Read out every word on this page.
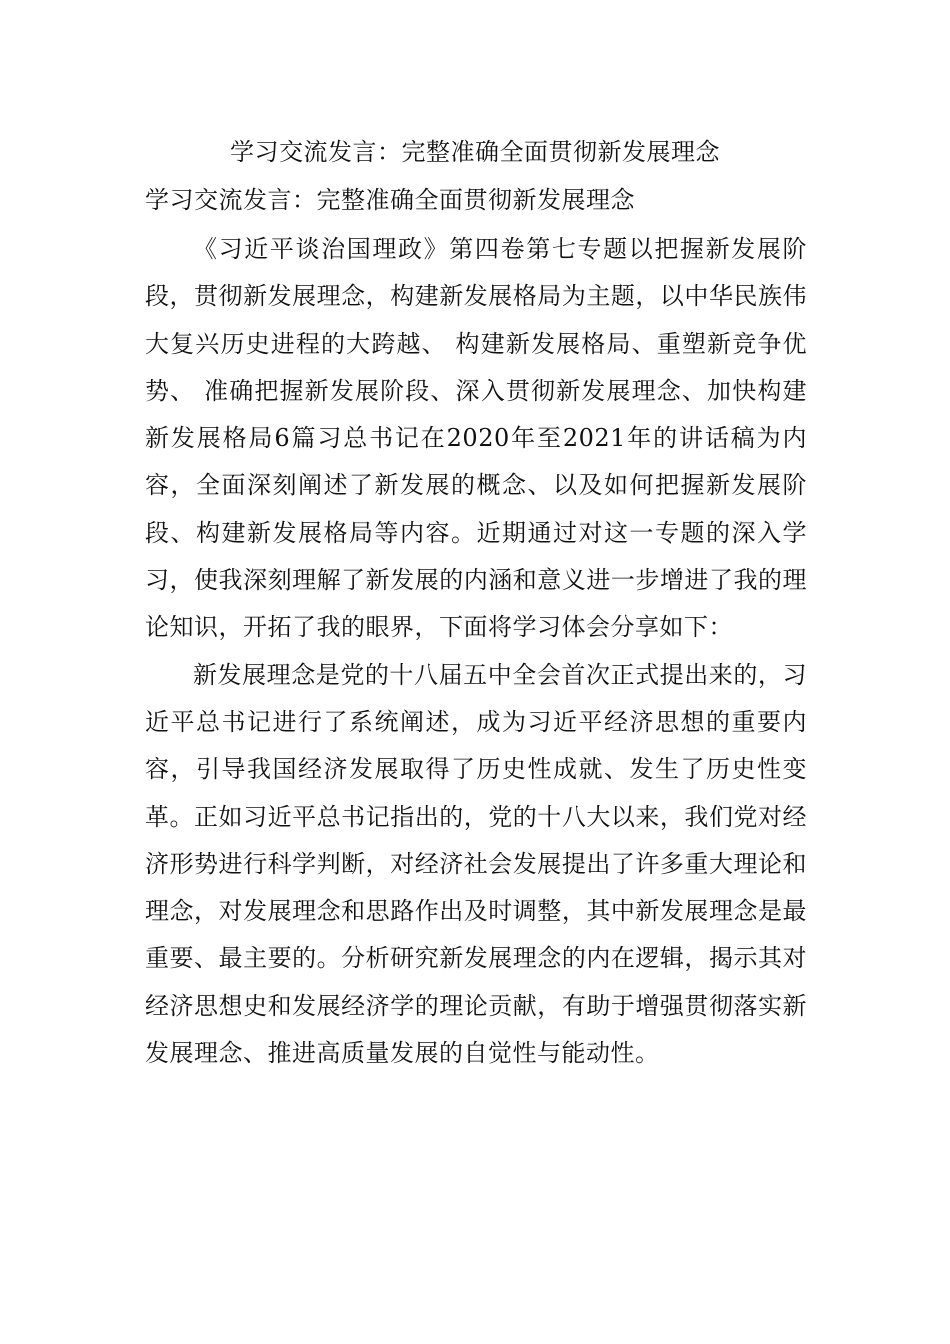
学习交流发言：完整准确全面贯彻新发展理念
学习交流发言：完整准确全面贯彻新发展理念

《习近平谈治国理政》第四卷第七专题以把握新发展阶段，贯彻新发展理念，构建新发展格局为主题，以中华民族伟大复兴历史进程的大跨越、 构建新发展格局、重塑新竞争优势、 准确把握新发展阶段、深入贯彻新发展理念、加快构建新发展格局6篇习总书记在2020年至2021年的讲话稿为内容，全面深刻阐述了新发展的概念、以及如何把握新发展阶段、构建新发展格局等内容。近期通过对这一专题的深入学习，使我深刻理解了新发展的内涵和意义进一步增进了我的理论知识，开拓了我的眼界，下面将学习体会分享如下：

新发展理念是党的十八届五中全会首次正式提出来的，习近平总书记进行了系统阐述，成为习近平经济思想的重要内容，引导我国经济发展取得了历史性成就、发生了历史性变革。正如习近平总书记指出的，党的十八大以来，我们党对经济形势进行科学判断，对经济社会发展提出了许多重大理论和理念，对发展理念和思路作出及时调整，其中新发展理念是最重要、最主要的。分析研究新发展理念的内在逻辑，揭示其对经济思想史和发展经济学的理论贡献，有助于增强贯彻落实新发展理念、推进高质量发展的自觉性与能动性。
